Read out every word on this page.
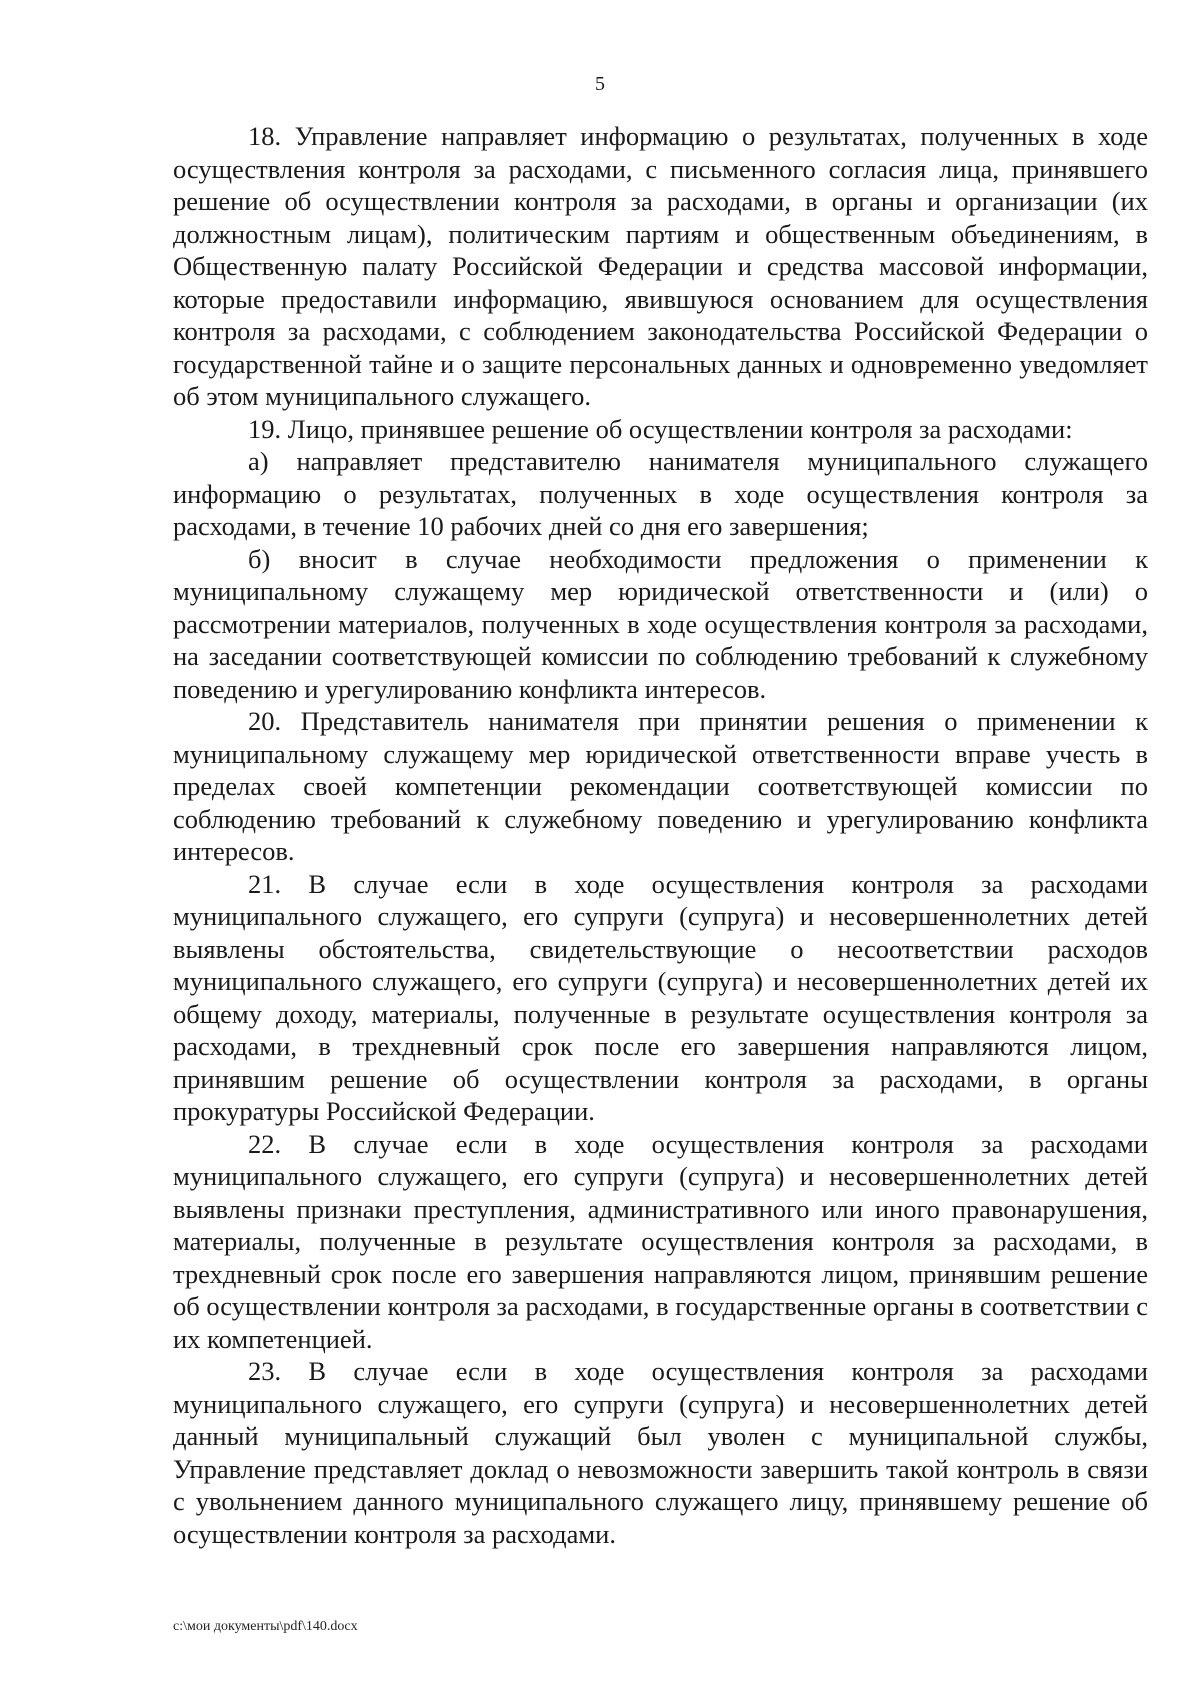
5

18. Управление направляет информацию о результатах, полученных в ходе осуществления контроля за расходами, с письменного согласия лица, принявшего решение об осуществлении контроля за расходами, в органы и организации (их должностным лицам), политическим партиям и общественным объединениям, в Общественную палату Российской Федерации и средства массовой информации, которые предоставили информацию, явившуюся основанием для осуществления контроля за расходами, с соблюдением законодательства Российской Федерации о государственной тайне и о защите персональных данных и одновременно уведомляет об этом муниципального служащего.

19. Лицо, принявшее решение об осуществлении контроля за расходами:

а) направляет представителю нанимателя муниципального служащего информацию о результатах, полученных в ходе осуществления контроля за расходами, в течение 10 рабочих дней со дня его завершения;

б) вносит в случае необходимости предложения о применении к муниципальному служащему мер юридической ответственности и (или) о рассмотрении материалов, полученных в ходе осуществления контроля за расходами, на заседании соответствующей комиссии по соблюдению требований к служебному поведению и урегулированию конфликта интересов.

20. Представитель нанимателя при принятии решения о применении к муниципальному служащему мер юридической ответственности вправе учесть в пределах своей компетенции рекомендации соответствующей комиссии по соблюдению требований к служебному поведению и урегулированию конфликта интересов.

21. В случае если в ходе осуществления контроля за расходами муниципального служащего, его супруги (супруга) и несовершеннолетних детей выявлены обстоятельства, свидетельствующие о несоответствии расходов муниципального служащего, его супруги (супруга) и несовершеннолетних детей их общему доходу, материалы, полученные в результате осуществления контроля за расходами, в трехдневный срок после его завершения направляются лицом, принявшим решение об осуществлении контроля за расходами, в органы прокуратуры Российской Федерации.

22. В случае если в ходе осуществления контроля за расходами муниципального служащего, его супруги (супруга) и несовершеннолетних детей выявлены признаки преступления, административного или иного правонарушения, материалы, полученные в результате осуществления контроля за расходами, в трехдневный срок после его завершения направляются лицом, принявшим решение об осуществлении контроля за расходами, в государственные органы в соответствии с их компетенцией.

23. В случае если в ходе осуществления контроля за расходами муниципального служащего, его супруги (супруга) и несовершеннолетних детей данный муниципальный служащий был уволен с муниципальной службы, Управление представляет доклад о невозможности завершить такой контроль в связи с увольнением данного муниципального служащего лицу, принявшему решение об осуществлении контроля за расходами.

c:\мои документы\pdf\140.docx
